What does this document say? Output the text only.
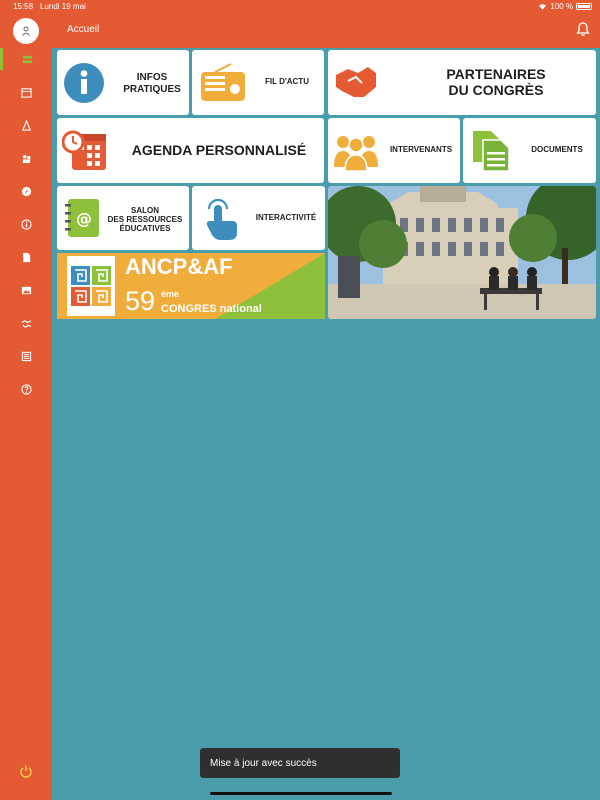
15:58 Lundi 19 mai	100 %
Accueil
INFOS
PRATIQUES
FIL D'ACTU	PARTENAIRES
DU CONGRÈS
AGENDA PERSONNALISÉ	INTERVENANTS	DOCUMENTS
@	SALON
DES RESSOURCES
ÉDUCATIVES
INTERACTIVITÉ
ANCP&AF
59 ème
CONGRES national
Mise à jour avec succès
